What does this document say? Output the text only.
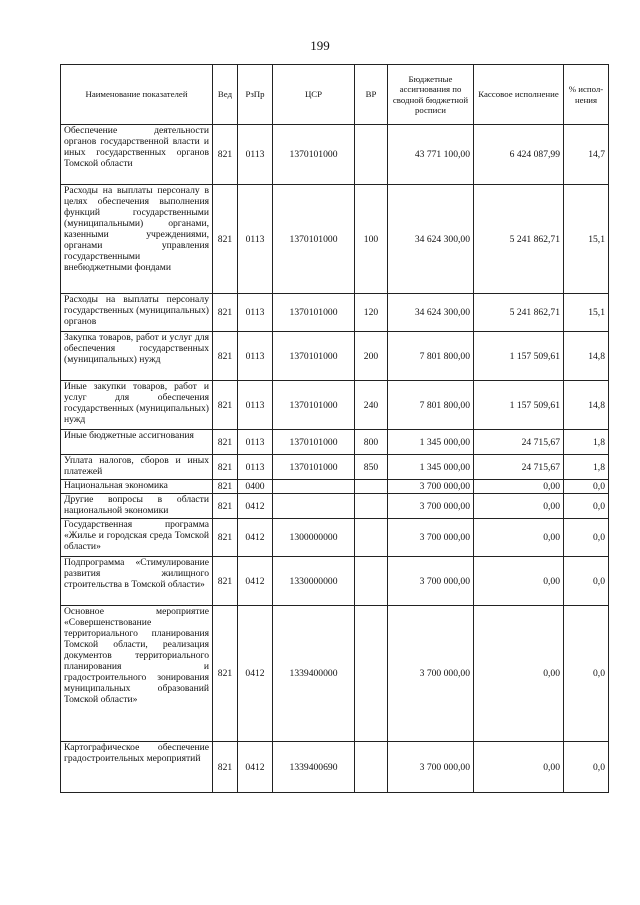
199
Наименование показателей	Вед	РзПр	ЦСР	ВР	Бюджетные ассигнования по сводной бюджетной росписи	Кассовое исполнение	% испол-нения
Обеспечение деятельности органов государственной власти и иных государственных органов Томской области	821	0113	1370101000		43 771 100,00	6 424 087,99	14,7
Расходы на выплаты персоналу в целях обеспечения выполнения функций государственными (муниципальными) органами, казенными учреждениями, органами управления государственными внебюджетными фондами	821	0113	1370101000	100	34 624 300,00	5 241 862,71	15,1
Расходы на выплаты персоналу государственных (муниципальных) органов	821	0113	1370101000	120	34 624 300,00	5 241 862,71	15,1
Закупка товаров, работ и услуг для обеспечения государственных (муниципальных) нужд	821	0113	1370101000	200	7 801 800,00	1 157 509,61	14,8
Иные закупки товаров, работ и услуг для обеспечения государственных (муниципальных) нужд	821	0113	1370101000	240	7 801 800,00	1 157 509,61	14,8
Иные бюджетные ассигнования	821	0113	1370101000	800	1 345 000,00	24 715,67	1,8
Уплата налогов, сборов и иных платежей	821	0113	1370101000	850	1 345 000,00	24 715,67	1,8
Национальная экономика	821	0400			3 700 000,00	0,00	0,0
Другие вопросы в области национальной экономики	821	0412			3 700 000,00	0,00	0,0
Государственная программа «Жилье и городская среда Томской области»	821	0412	1300000000		3 700 000,00	0,00	0,0
Подпрограмма «Стимулирование развития жилищного строительства в Томской области»	821	0412	1330000000		3 700 000,00	0,00	0,0
Основное мероприятие «Совершенствование территориального планирования Томской области, реализация документов территориального планирования и градостроительного зонирования муниципальных образований Томской области»	821	0412	1339400000		3 700 000,00	0,00	0,0
Картографическое обеспечение градостроительных мероприятий	821	0412	1339400690		3 700 000,00	0,00	0,0
